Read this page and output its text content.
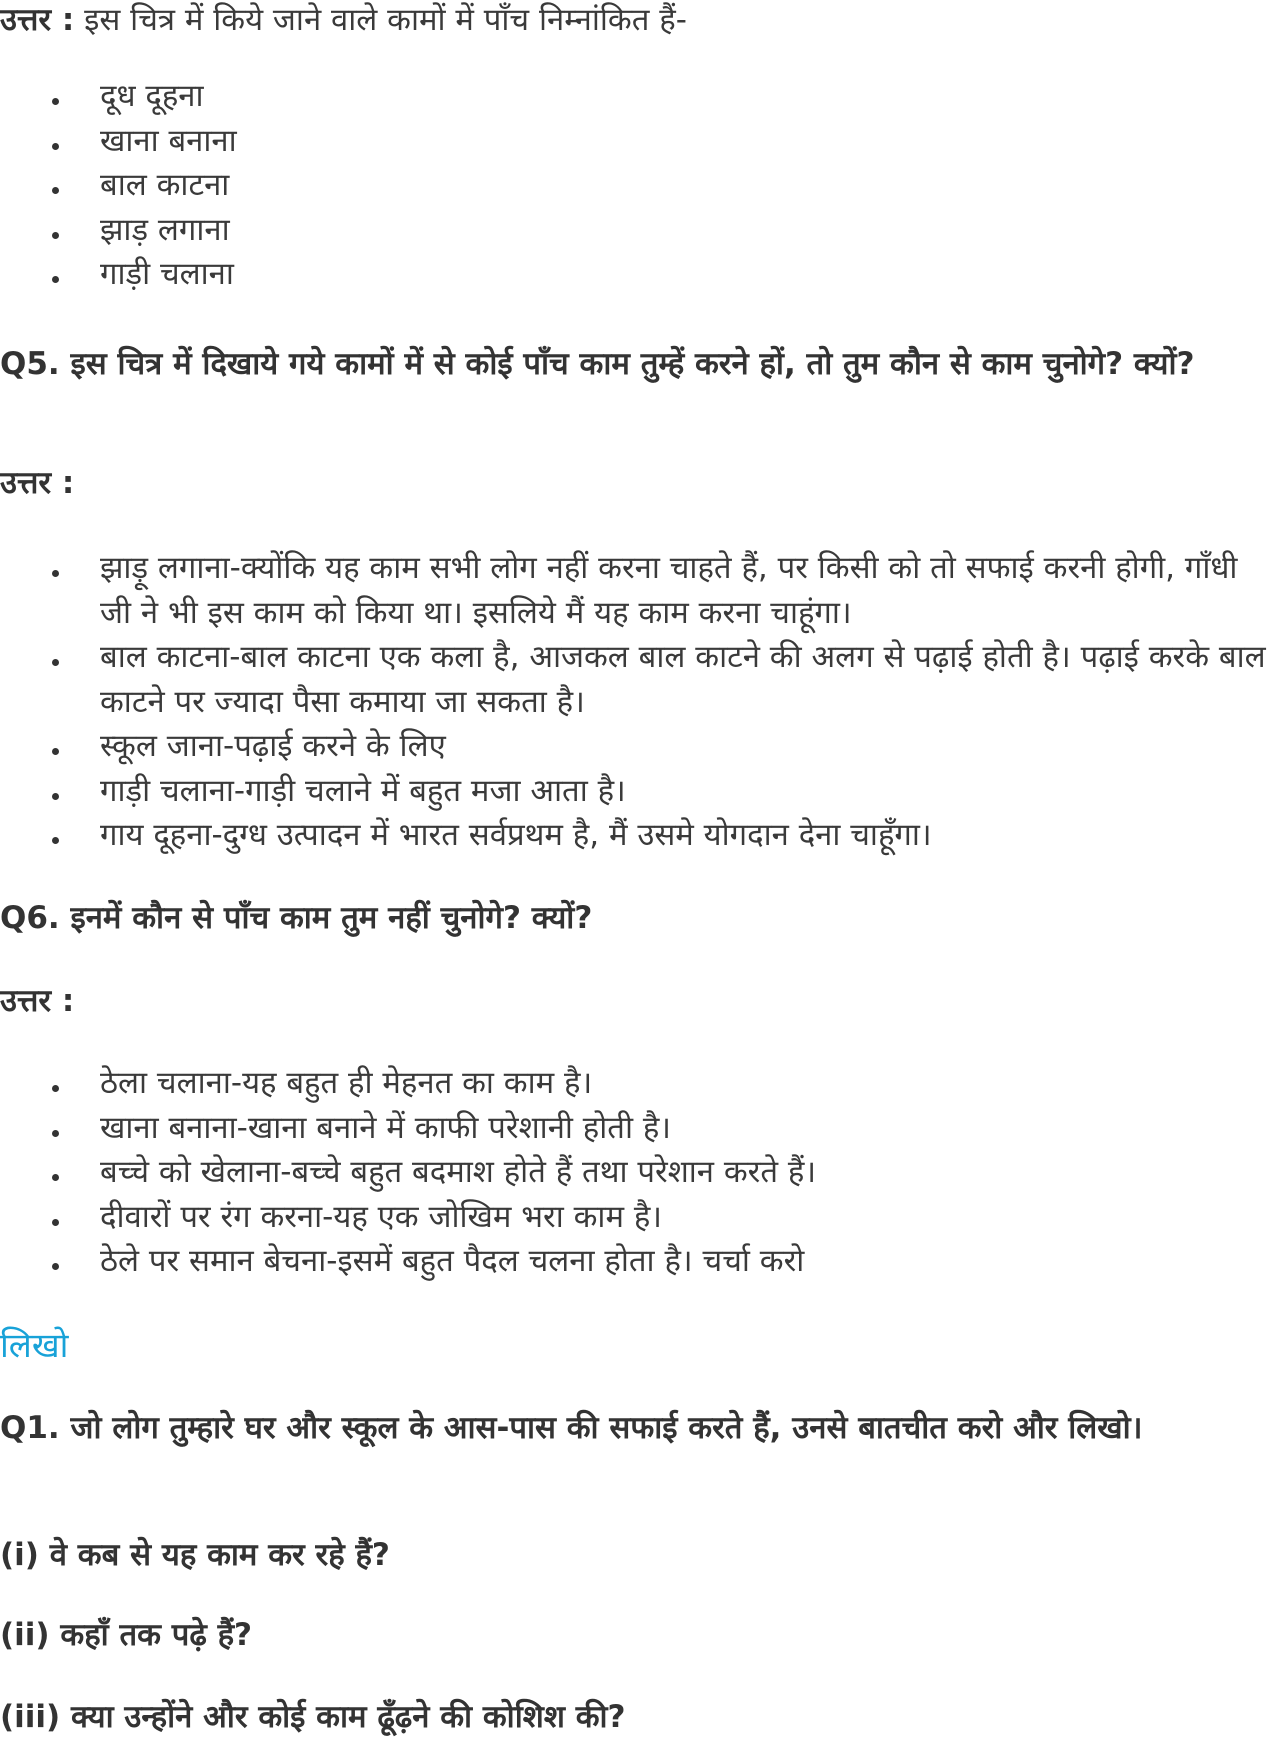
उत्तर : इस चित्र में किये जाने वाले कामों में पाँच निम्नांकित हैं-
दूध दूहना
खाना बनाना
बाल काटना
झाड़ लगाना
गाड़ी चलाना
Q5. इस चित्र में दिखाये गये कामों में से कोई पाँच काम तुम्हें करने हों, तो तुम कौन से काम चुनोगे? क्यों?
उत्तर :
झाड़ू लगाना-क्योंकि यह काम सभी लोग नहीं करना चाहते हैं, पर किसी को तो सफाई करनी होगी, गाँधी जी ने भी इस काम को किया था। इसलिये मैं यह काम करना चाहूंगा।
बाल काटना-बाल काटना एक कला है, आजकल बाल काटने की अलग से पढ़ाई होती है। पढ़ाई करके बाल काटने पर ज्यादा पैसा कमाया जा सकता है।
स्कूल जाना-पढ़ाई करने के लिए
गाड़ी चलाना-गाड़ी चलाने में बहुत मजा आता है।
गाय दूहना-दुग्ध उत्पादन में भारत सर्वप्रथम है, मैं उसमे योगदान देना चाहूँगा।
Q6. इनमें कौन से पाँच काम तुम नहीं चुनोगे? क्यों?
उत्तर :
ठेला चलाना-यह बहुत ही मेहनत का काम है।
खाना बनाना-खाना बनाने में काफी परेशानी होती है।
बच्चे को खेलाना-बच्चे बहुत बदमाश होते हैं तथा परेशान करते हैं।
दीवारों पर रंग करना-यह एक जोखिम भरा काम है।
ठेले पर समान बेचना-इसमें बहुत पैदल चलना होता है। चर्चा करो
लिखो
Q1. जो लोग तुम्हारे घर और स्कूल के आस-पास की सफाई करते हैं, उनसे बातचीत करो और लिखो।
(i) वे कब से यह काम कर रहे हैं?
(ii) कहाँ तक पढ़े हैं?
(iii) क्या उन्होंने और कोई काम ढूँढ़ने की कोशिश की?
